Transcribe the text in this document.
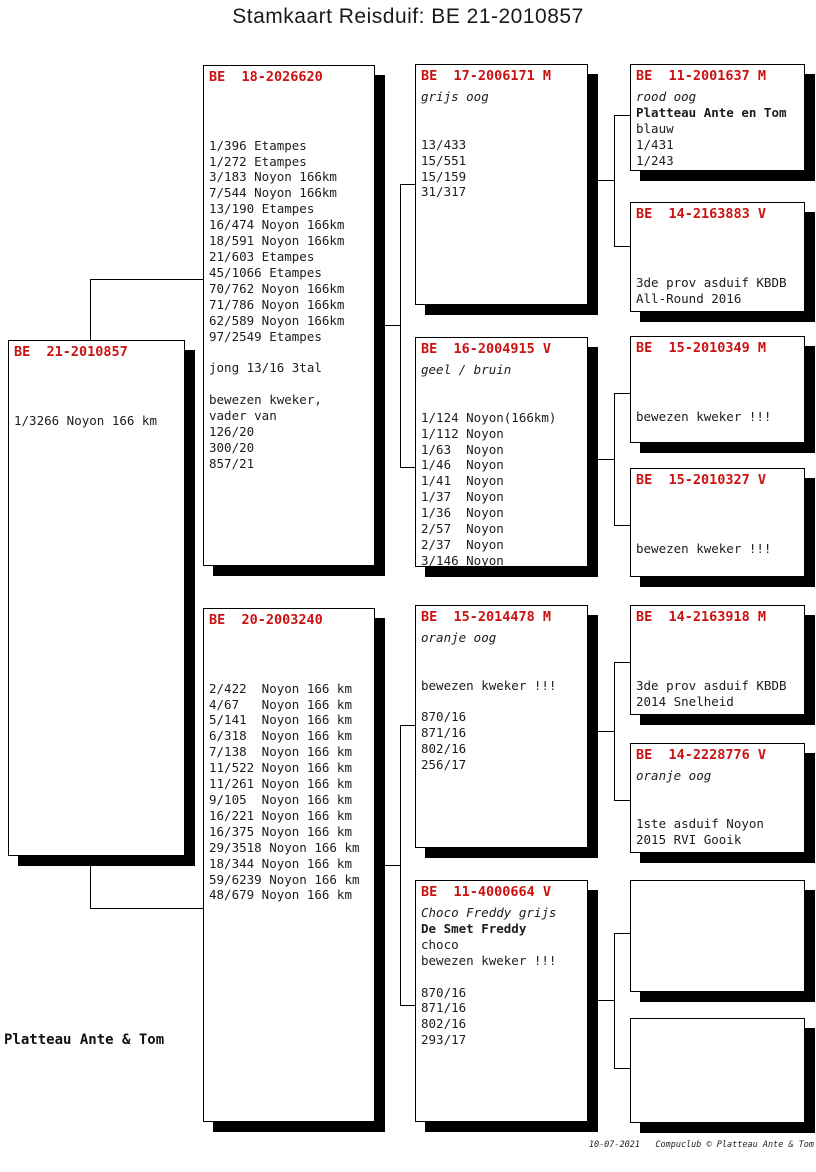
Stamkaart Reisduif: BE 21-2010857
BE  21-2010857
1/3266 Noyon 166 km
BE  18-2026620
1/396 Etampes
1/272 Etampes
3/183 Noyon 166km
7/544 Noyon 166km
13/190 Etampes
16/474 Noyon 166km
18/591 Noyon 166km
21/603 Etampes
45/1066 Etampes
70/762 Noyon 166km
71/786 Noyon 166km
62/589 Noyon 166km
97/2549 Etampes
jong 13/16 3tal
bewezen kweker,
vader van
126/20
300/20
857/21
BE  20-2003240
2/422  Noyon 166 km
4/67   Noyon 166 km
5/141  Noyon 166 km
6/318  Noyon 166 km
7/138  Noyon 166 km
11/522 Noyon 166 km
11/261 Noyon 166 km
9/105  Noyon 166 km
16/221 Noyon 166 km
16/375 Noyon 166 km
29/3518 Noyon 166 km
18/344 Noyon 166 km
59/6239 Noyon 166 km
48/679 Noyon 166 km
BE  17-2006171 M
grijs oog
13/433
15/551
15/159
31/317
BE  16-2004915 V
geel / bruin
1/124 Noyon(166km)
1/112 Noyon
1/63  Noyon
1/46  Noyon
1/41  Noyon
1/37  Noyon
1/36  Noyon
2/57  Noyon
2/37  Noyon
3/146 Noyon
BE  15-2014478 M
oranje oog
bewezen kweker !!!
870/16
871/16
802/16
256/17
BE  11-4000664 V
Choco Freddy grijs
De Smet Freddy
choco
bewezen kweker !!!
870/16
871/16
802/16
293/17
BE  11-2001637 M
rood oog
Platteau Ante en Tom
blauw
1/431
1/243
BE  14-2163883 V
3de prov asduif KBDB
All-Round 2016
BE  15-2010349 M
bewezen kweker !!!
BE  15-2010327 V
bewezen kweker !!!
BE  14-2163918 M
3de prov asduif KBDB
2014 Snelheid
BE  14-2228776 V
oranje oog
1ste asduif Noyon
2015 RVI Gooik
Platteau Ante & Tom
10-07-2021   Compuclub © Platteau Ante & Tom
